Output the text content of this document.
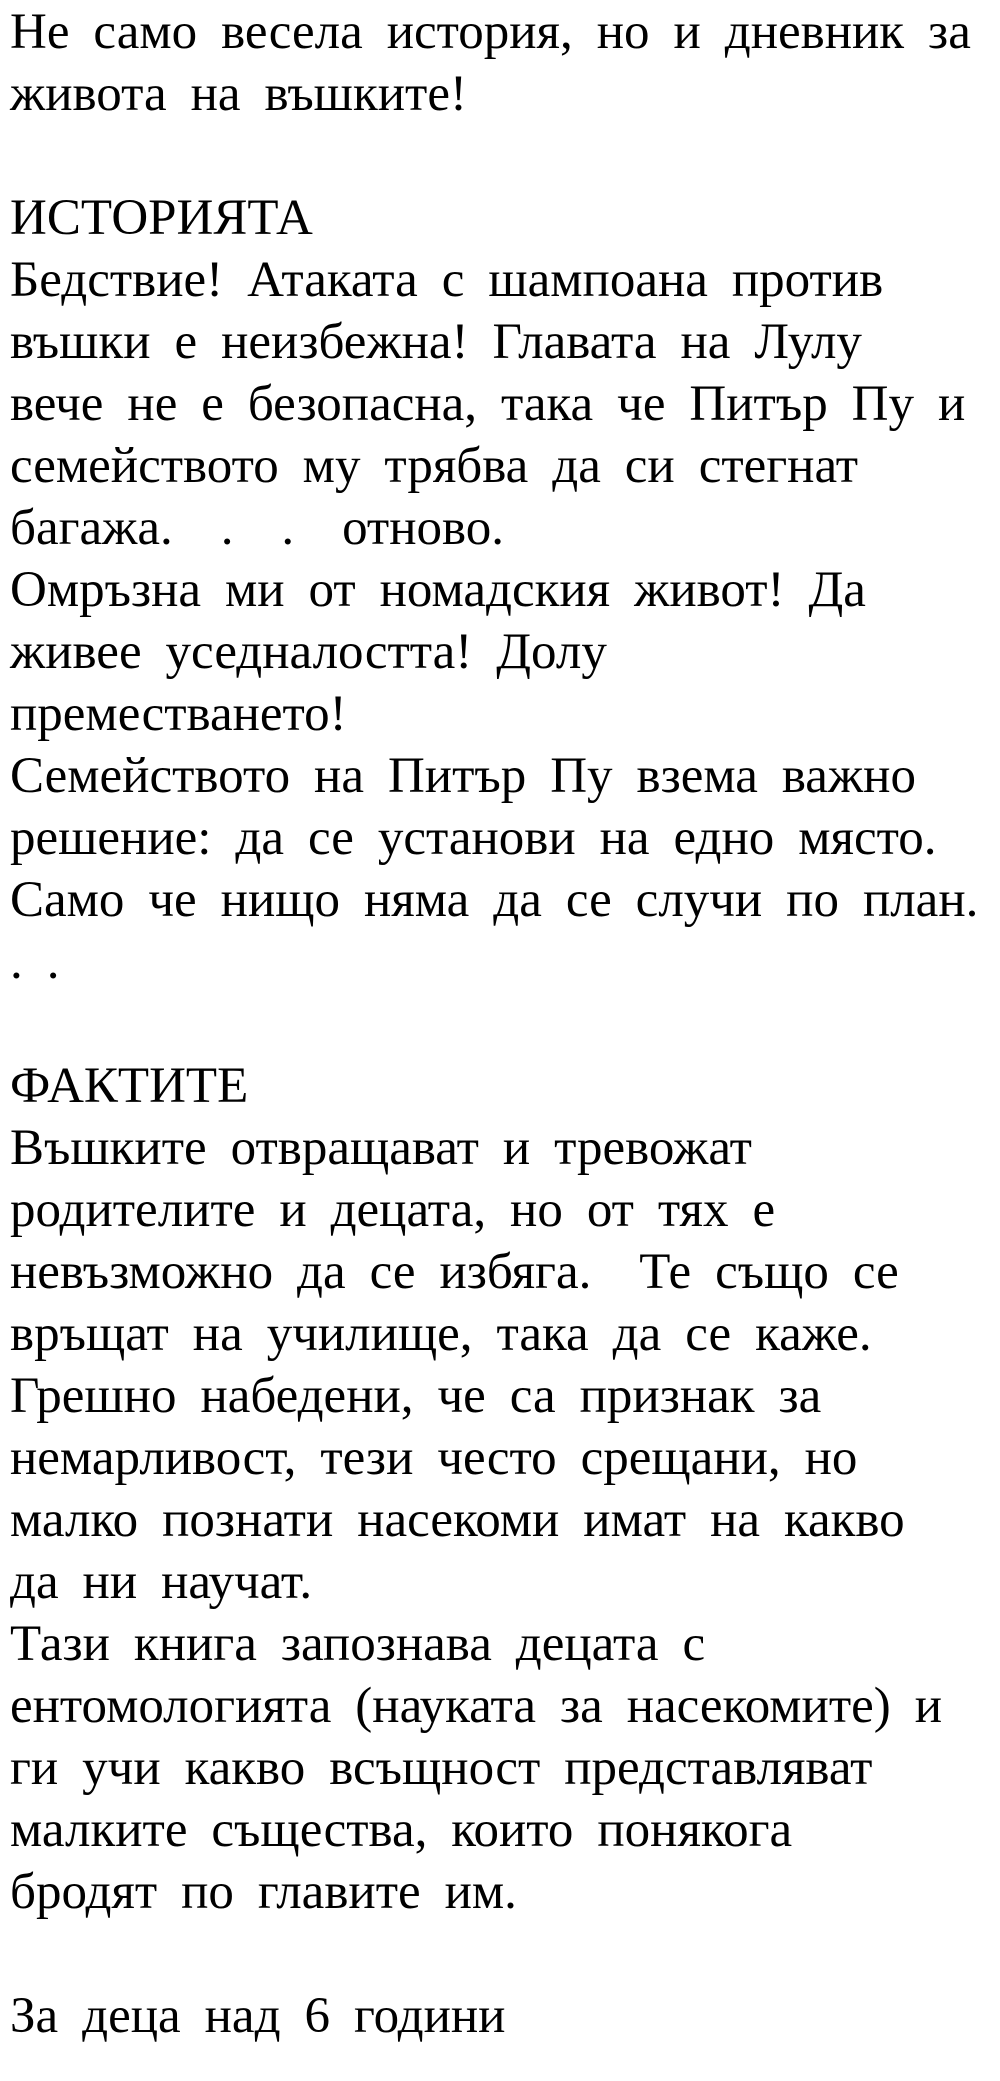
Не само весела история, но и дневник за
живота на въшките!
ИСТОРИЯТА
Бедствие! Атаката с шампоана против
въшки е неизбежна! Главата на Лулу
вече не е безопасна, така че Питър Пу и
семейството му трябва да си стегнат
багажа.  .  .  отново.
Омръзна ми от номадския живот! Да
живее уседналостта! Долу
преместването!
Семейството на Питър Пу взема важно
решение: да се установи на едно място.
Само че нищо няма да се случи по план.
. .
ФАКТИТЕ
Въшките отвращават и тревожат
родителите и децата, но от тях е
невъзможно да се избяга.  Те също се
връщат на училище, така да се каже.
Грешно набедени, че са признак за
немарливост, тези често срещани, но
малко познати насекоми имат на какво
да ни научат.
Тази книга запознава децата с
ентомологията (науката за насекомите) и
ги учи какво всъщност представляват
малките същества, които понякога
бродят по главите им.
За деца над 6 години
